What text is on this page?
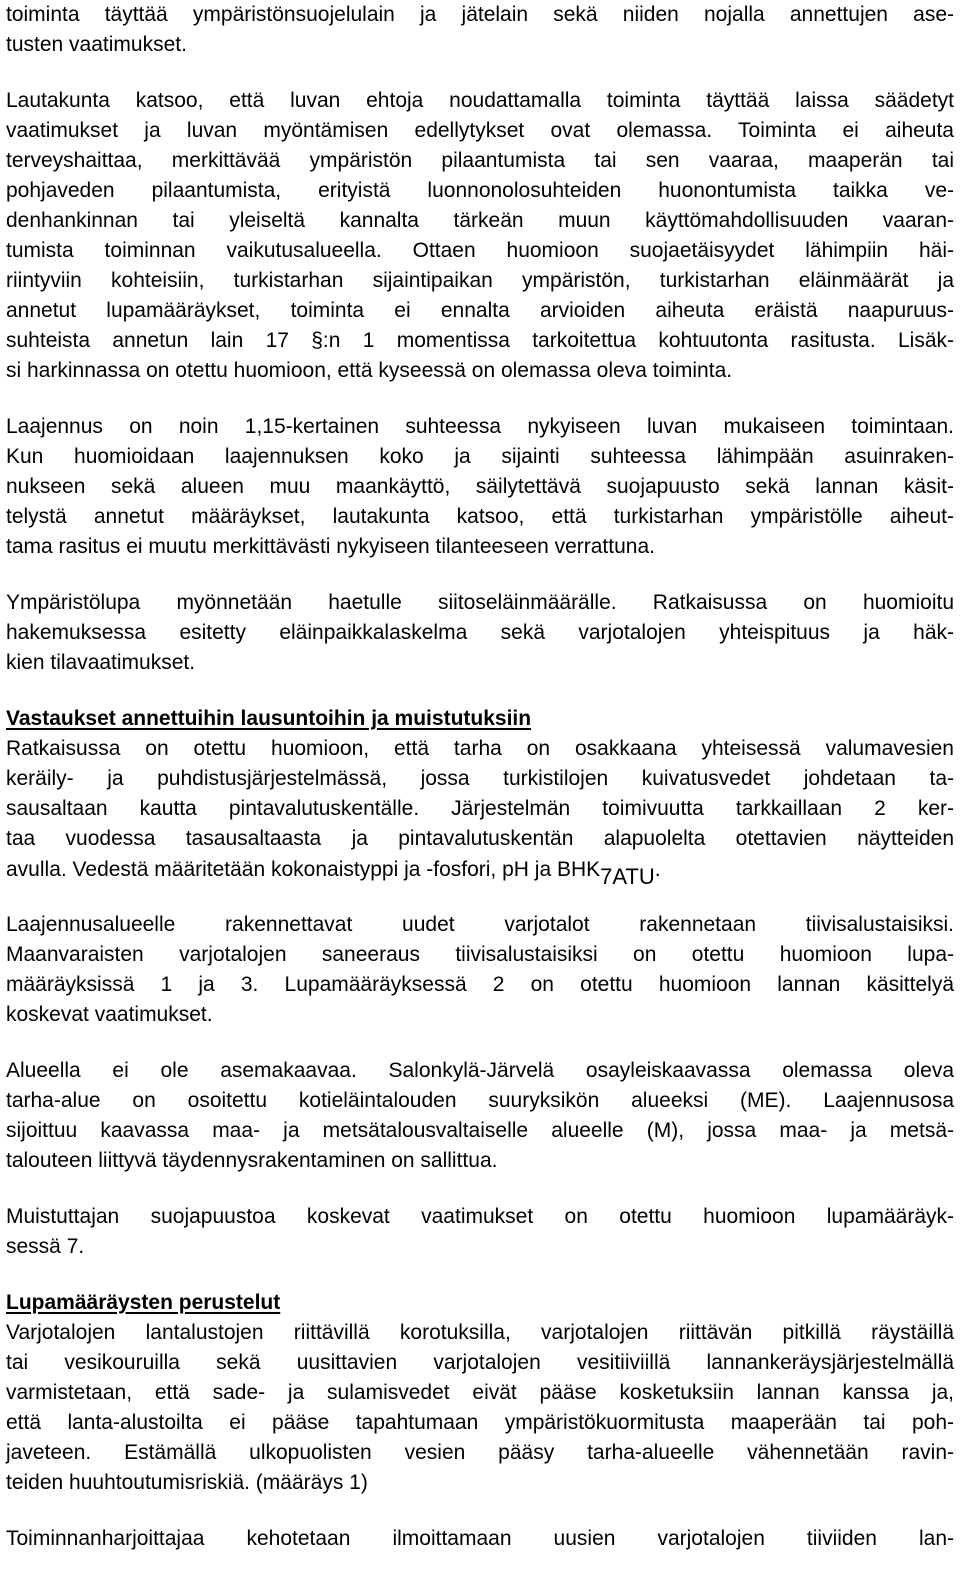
toiminta täyttää ympäristönsuojelulain ja jätelain sekä niiden nojalla annettujen ase-
tusten vaatimukset.
Lautakunta katsoo, että luvan ehtoja noudattamalla toiminta täyttää laissa säädetyt
vaatimukset ja luvan myöntämisen edellytykset ovat olemassa. Toiminta ei aiheuta
terveyshaittaa, merkittävää ympäristön pilaantumista tai sen vaaraa, maaperän tai
pohjaveden pilaantumista, erityistä luonnonolosuhteiden huonontumista taikka ve-
denhankinnan tai yleiseltä kannalta tärkeän muun käyttömahdollisuuden vaaran-
tumista toiminnan vaikutusalueella. Ottaen huomioon suojaetäisyydet lähimpiin häi-
riintyviin kohteisiin, turkistarhan sijaintipaikan ympäristön, turkistarhan eläinmäärät ja
annetut lupamääräykset, toiminta ei ennalta arvioiden aiheuta eräistä naapuruus-
suhteista annetun lain 17 §:n 1 momentissa tarkoitettua kohtuutonta rasitusta. Lisäk-
si harkinnassa on otettu huomioon, että kyseessä on olemassa oleva toiminta.
Laajennus on noin 1,15-kertainen suhteessa nykyiseen luvan mukaiseen toimintaan.
Kun huomioidaan laajennuksen koko ja sijainti suhteessa lähimpään asuinraken-
nukseen sekä alueen muu maankäyttö, säilytettävä suojapuusto sekä lannan käsit-
telystä annetut määräykset, lautakunta katsoo, että turkistarhan ympäristölle aiheut-
tama rasitus ei muutu merkittävästi nykyiseen tilanteeseen verrattuna.
Ympäristölupa myönnetään haetulle siitoseläinmäärälle. Ratkaisussa on huomioitu
hakemuksessa esitetty eläinpaikkalaskelma sekä varjotalojen yhteispituus ja häk-
kien tilavaatimukset.
Vastaukset annettuihin lausuntoihin ja muistutuksiin
Ratkaisussa on otettu huomioon, että tarha on osakkaana yhteisessä valumavesien
keräily- ja puhdistusjärjestelmässä, jossa turkistilojen kuivatusvedet johdetaan ta-
sausaltaan kautta pintavalutuskentälle. Järjestelmän toimivuutta tarkkaillaan 2 ker-
taa vuodessa tasausaltaasta ja pintavalutuskentän alapuolelta otettavien näytteiden
avulla. Vedestä määritetään kokonaistyppi ja -fosfori, pH ja BHK7ATU.
Laajennusalueelle rakennettavat uudet varjotalot rakennetaan tiivisalustaisiksi.
Maanvaraisten varjotalojen saneeraus tiivisalustaisiksi on otettu huomioon lupa-
määräyksissä 1 ja 3. Lupamääräyksessä 2 on otettu huomioon lannan käsittelyä
koskevat vaatimukset.
Alueella ei ole asemakaavaa. Salonkylä-Järvelä osayleiskaavassa olemassa oleva
tarha-alue on osoitettu kotieläintalouden suuryksikön alueeksi (ME). Laajennusosa
sijoittuu kaavassa maa- ja metsätalousvaltaiselle alueelle (M), jossa maa- ja metsä-
talouteen liittyvä täydennysrakentaminen on sallittua.
Muistuttajan suojapuustoa koskevat vaatimukset on otettu huomioon lupamääräyk-
sessä 7.
Lupamääräysten perustelut
Varjotalojen lantalustojen riittävillä korotuksilla, varjotalojen riittävän pitkillä räystäillä
tai vesikouruilla sekä uusittavien varjotalojen vesitiiviillä lannankeräysjärjestelmällä
varmistetaan, että sade- ja sulamisvedet eivät pääse kosketuksiin lannan kanssa ja,
että lanta-alustoilta ei pääse tapahtumaan ympäristökuormitusta maaperään tai poh-
javeteen. Estämällä ulkopuolisten vesien pääsy tarha-alueelle vähennetään ravin-
teiden huuhtoutumisriskiä. (määräys 1)
Toiminnanharjoittajaa kehotetaan ilmoittamaan uusien varjotalojen tiiviiden lan-
